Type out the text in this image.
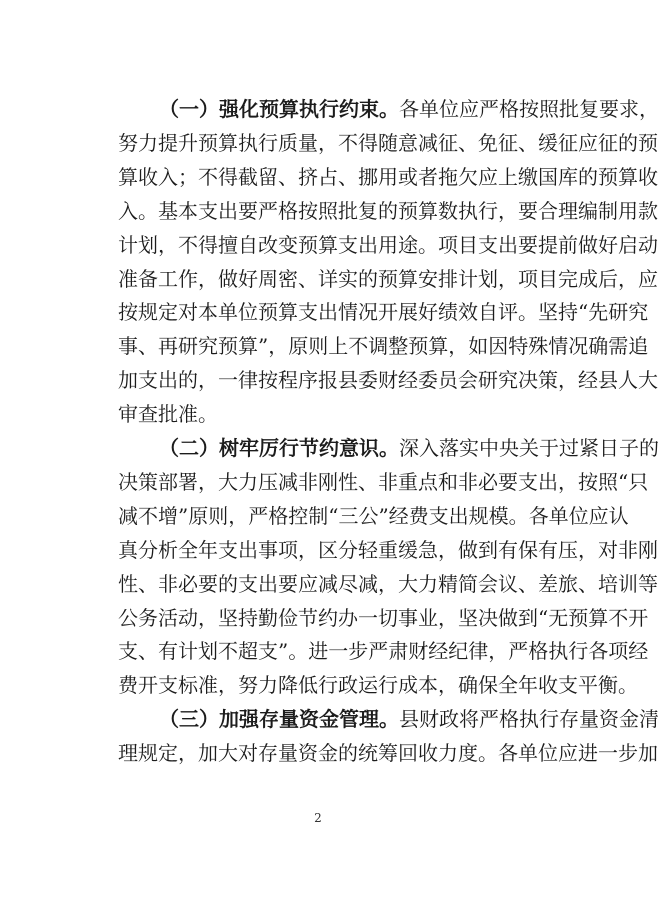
（一）强化预算执行约束。各单位应严格按照批复要求，
努力提升预算执行质量，不得随意减征、免征、缓征应征的预
算收入；不得截留、挤占、挪用或者拖欠应上缴国库的预算收
入。基本支出要严格按照批复的预算数执行，要合理编制用款
计划，不得擅自改变预算支出用途。项目支出要提前做好启动
准备工作，做好周密、详实的预算安排计划，项目完成后，应
按规定对本单位预算支出情况开展好绩效自评。坚持“先研究
事、再研究预算”，原则上不调整预算，如因特殊情况确需追
加支出的，一律按程序报县委财经委员会研究决策，经县人大
审查批准。
（二）树牢厉行节约意识。深入落实中央关于过紧日子的
决策部署，大力压减非刚性、非重点和非必要支出，按照“只
减不增”原则，严格控制“三公”经费支出规模。各单位应认
真分析全年支出事项，区分轻重缓急，做到有保有压，对非刚
性、非必要的支出要应减尽减，大力精简会议、差旅、培训等
公务活动，坚持勤俭节约办一切事业，坚决做到“无预算不开
支、有计划不超支”。进一步严肃财经纪律，严格执行各项经
费开支标准，努力降低行政运行成本，确保全年收支平衡。
（三）加强存量资金管理。县财政将严格执行存量资金清
理规定，加大对存量资金的统筹回收力度。各单位应进一步加
2
